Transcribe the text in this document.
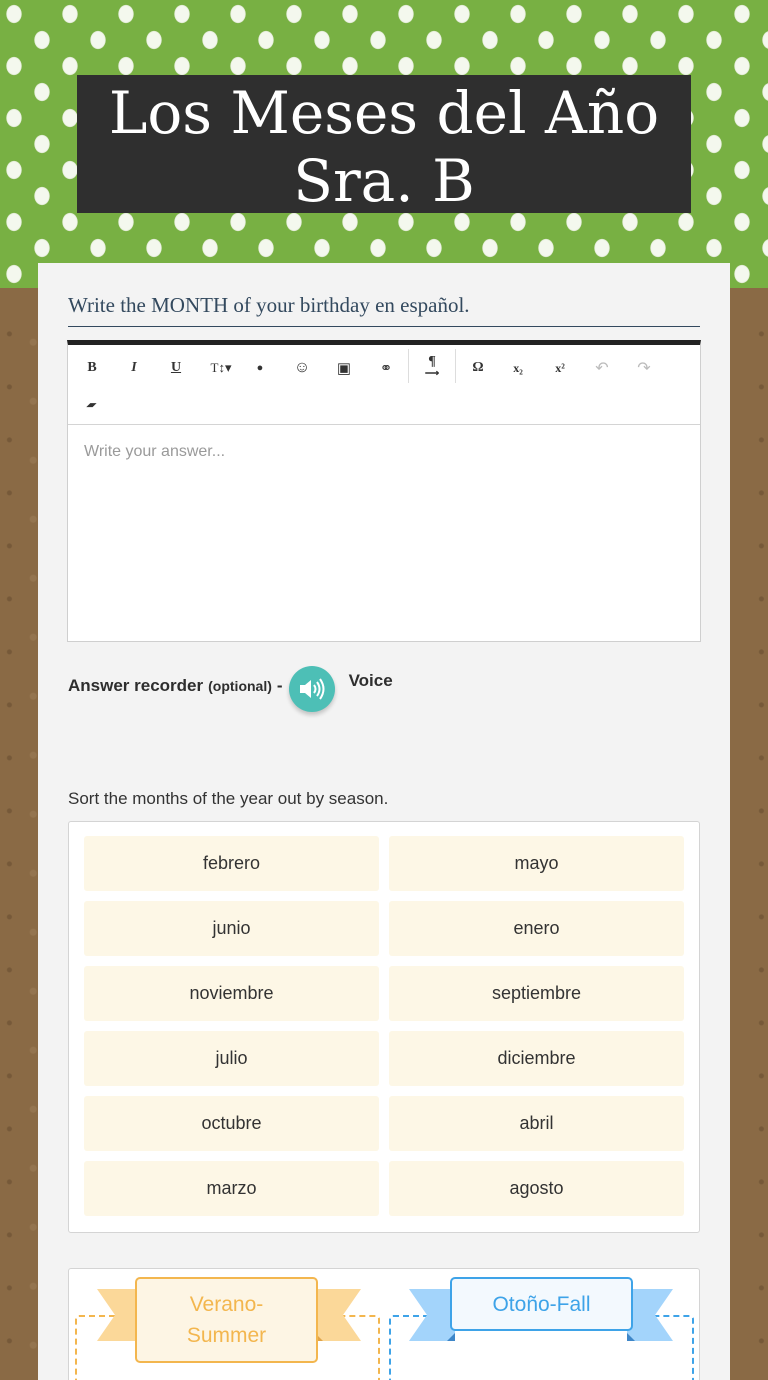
Los Meses del Año Sra. B
Write the MONTH of your birthday en español.
B	I	U	T↕▾	●	☺	▣	⚭	¶
⟶	Ω	x₂	x²	↶	↷
▰
Write your answer...
Answer recorder (optional) -	Voice
Sort the months of the year out by season.
febrero	mayo
junio	enero
noviembre	septiembre
julio	diciembre
octubre	abril
marzo	agosto
Verano-
Summer
Otoño-Fall
